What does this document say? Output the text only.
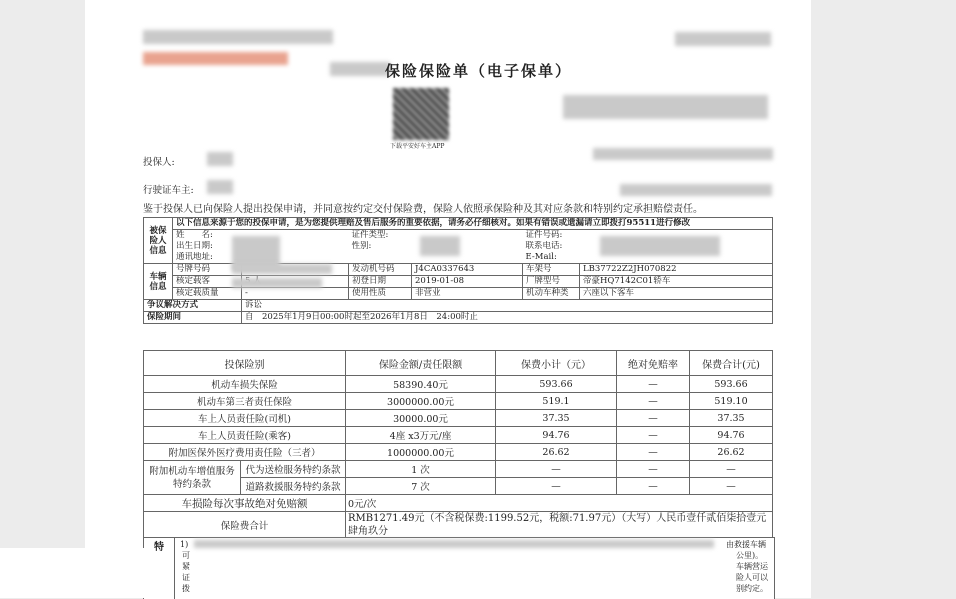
保险保险单（电子保单）
下载平安好车主APP
投保人:
行驶证车主:
鉴于投保人已向保险人提出投保申请，并同意按约定交付保险费，保险人依照承保险种及其对应条款和特别约定承担赔偿责任。
被保险人信息	以下信息来源于您的投保申请，是为您提供理赔及售后服务的重要依据，请务必仔细核对。如果有错误或遗漏请立即拨打95511进行修改					
	姓　　名:		证件类型:		证件号码:	
	出生日期:		性别:		联系电话:	
	通讯地址:				E-Mail:	
车辆信息	号牌号码		发动机号码	J4CA0337643	车架号	LB37722Z2JH070822
	核定载客		初登日期	2019-01-08	厂牌型号	帝豪HQ7142C01轿车
	核定载质量	-	使用性质	非营业	机动车种类	六座以下客车
争议解决方式		诉讼				
保险期间		自　2025年1月9日00:00时起至2026年1月8日　24:00时止				
投保险别		保险金额/责任限额	保费小计（元）	绝对免赔率	保费合计(元)
机动车损失保险		58390.40元	593.66	—	593.66
机动车第三者责任保险		3000000.00元	519.1	—	519.10
车上人员责任险(司机)		30000.00元	37.35	—	37.35
车上人员责任险(乘客)		4座 x3万元/座	94.76	—	94.76
附加医保外医疗费用责任险（三者）		1000000.00元	26.62	—	26.62
附加机动车增值服务特约条款	代为送检服务特约条款	1 次	—	—	—
	道路救援服务特约条款	7 次	—	—	—
车损险每次事故绝对免赔额		0元/次			
保险费合计		RMB1271.49元（不含税保费:1199.52元，税额:71.97元）（大写）人民币壹仟贰佰柒拾壹元肆角玖分			
特 1)
可
紧
证
拨
由救援车辆
公里)。
车辆营运
险人可以
别约定。
